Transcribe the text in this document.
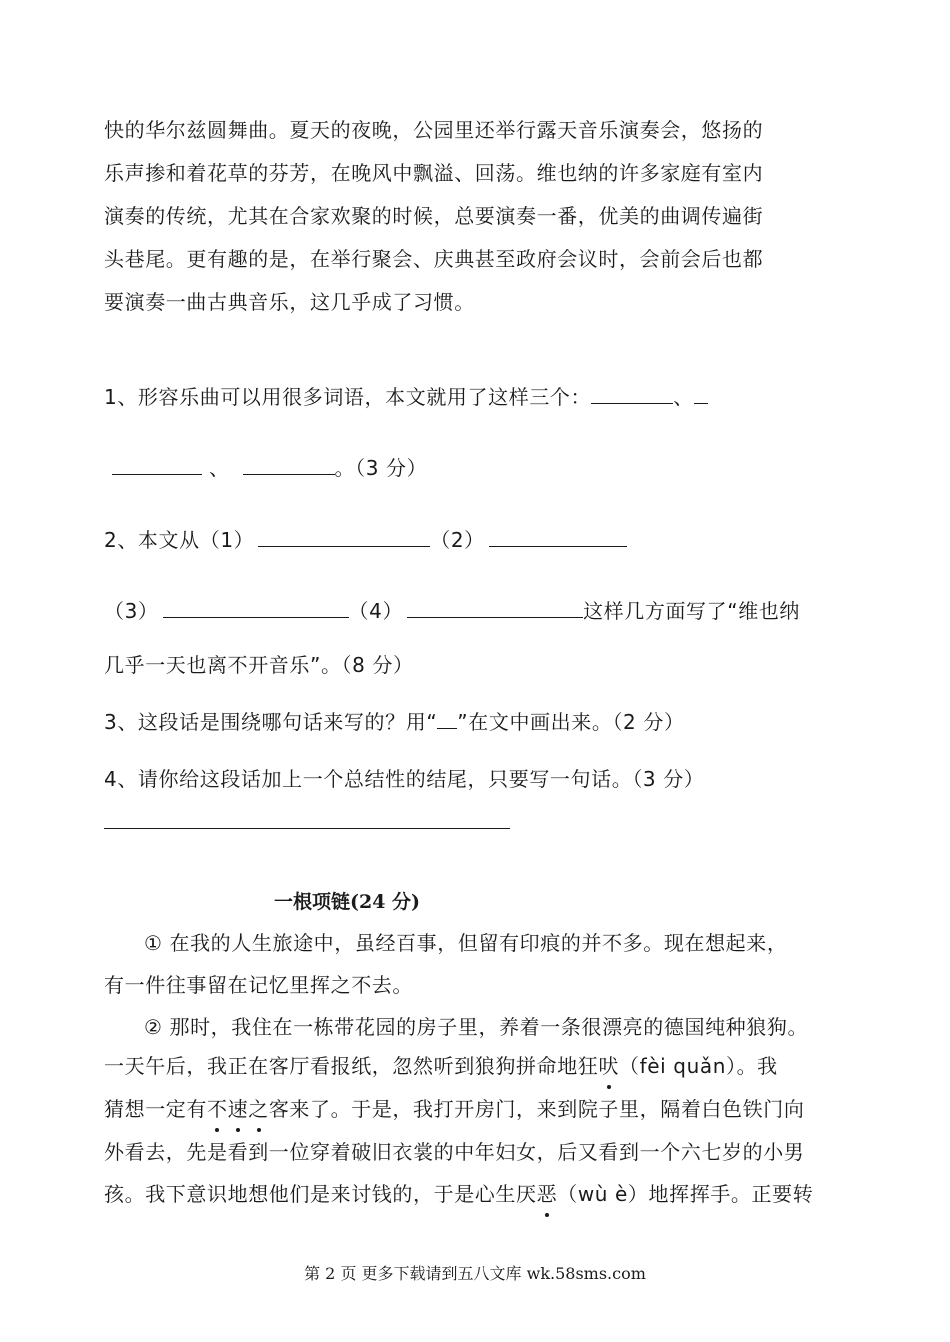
快的华尔兹圆舞曲。夏天的夜晚，公园里还举行露天音乐演奏会，悠扬的
乐声掺和着花草的芬芳，在晚风中飘溢、回荡。维也纳的许多家庭有室内
演奏的传统，尤其在合家欢聚的时候，总要演奏一番，优美的曲调传遍街
头巷尾。更有趣的是，在举行聚会、庆典甚至政府会议时，会前会后也都
要演奏一曲古典音乐，这几乎成了习惯。
1、形容乐曲可以用很多词语，本文就用了这样三个：	、
、	。（3 分）
2、本文从（1）	（2）
（3）	（4）	这样几方面写了“维也纳
几乎一天也离不开音乐”。（8 分）
3、这段话是围绕哪句话来写的？用“ ”在文中画出来。（2 分）
4、请你给这段话加上一个总结性的结尾，只要写一句话。（3 分）
一根项链(24 分)
① 在我的人生旅途中，虽经百事，但留有印痕的并不多。现在想起来，
有一件往事留在记忆里挥之不去。
② 那时，我住在一栋带花园的房子里，养着一条很漂亮的德国纯种狼狗。
一天午后，我正在客厅看报纸，忽然听到狼狗拼命地狂吠（fèi quǎn）。我
猜想一定有不速之客来了。于是，我打开房门，来到院子里，隔着白色铁门向
外看去，先是看到一位穿着破旧衣裳的中年妇女，后又看到一个六七岁的小男
孩。我下意识地想他们是来讨钱的，于是心生厌恶（wù è）地挥挥手。正要转
第 2 页 更多下载请到五八文库 wk.58sms.com
